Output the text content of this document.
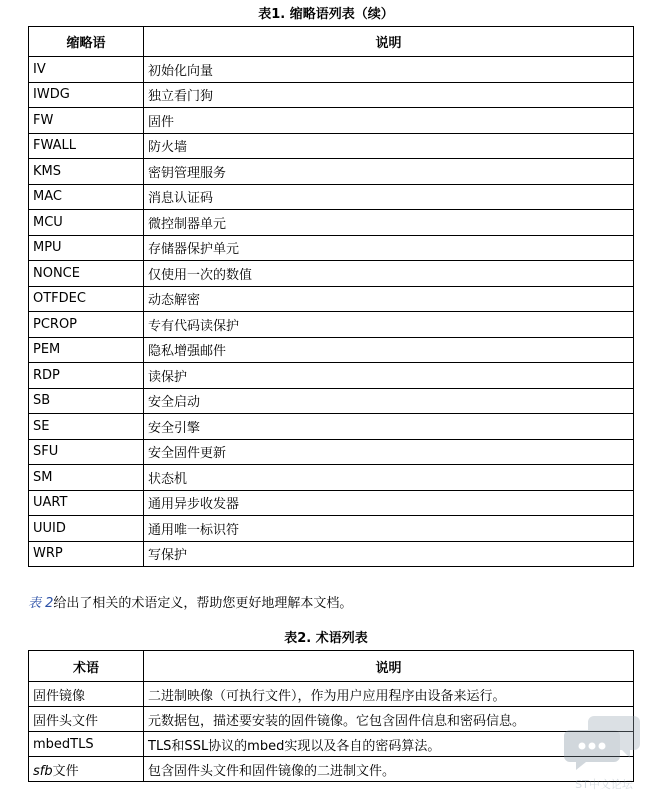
表1. 缩略语列表（续）
缩略语	说明
IV	初始化向量
IWDG	独立看门狗
FW	固件
FWALL	防火墙
KMS	密钥管理服务
MAC	消息认证码
MCU	微控制器单元
MPU	存储器保护单元
NONCE	仅使用一次的数值
OTFDEC	动态解密
PCROP	专有代码读保护
PEM	隐私增强邮件
RDP	读保护
SB	安全启动
SE	安全引擎
SFU	安全固件更新
SM	状态机
UART	通用异步收发器
UUID	通用唯一标识符
WRP	写保护
表 2给出了相关的术语定义，帮助您更好地理解本文档。
表2. 术语列表
术语	说明
固件镜像	二进制映像（可执行文件），作为用户应用程序由设备来运行。
固件头文件	元数据包，描述要安装的固件镜像。它包含固件信息和密码信息。
mbedTLS	TLS和SSL协议的mbed实现以及各自的密码算法。
sfb文件	包含固件头文件和固件镜像的二进制文件。
ST中文论坛
